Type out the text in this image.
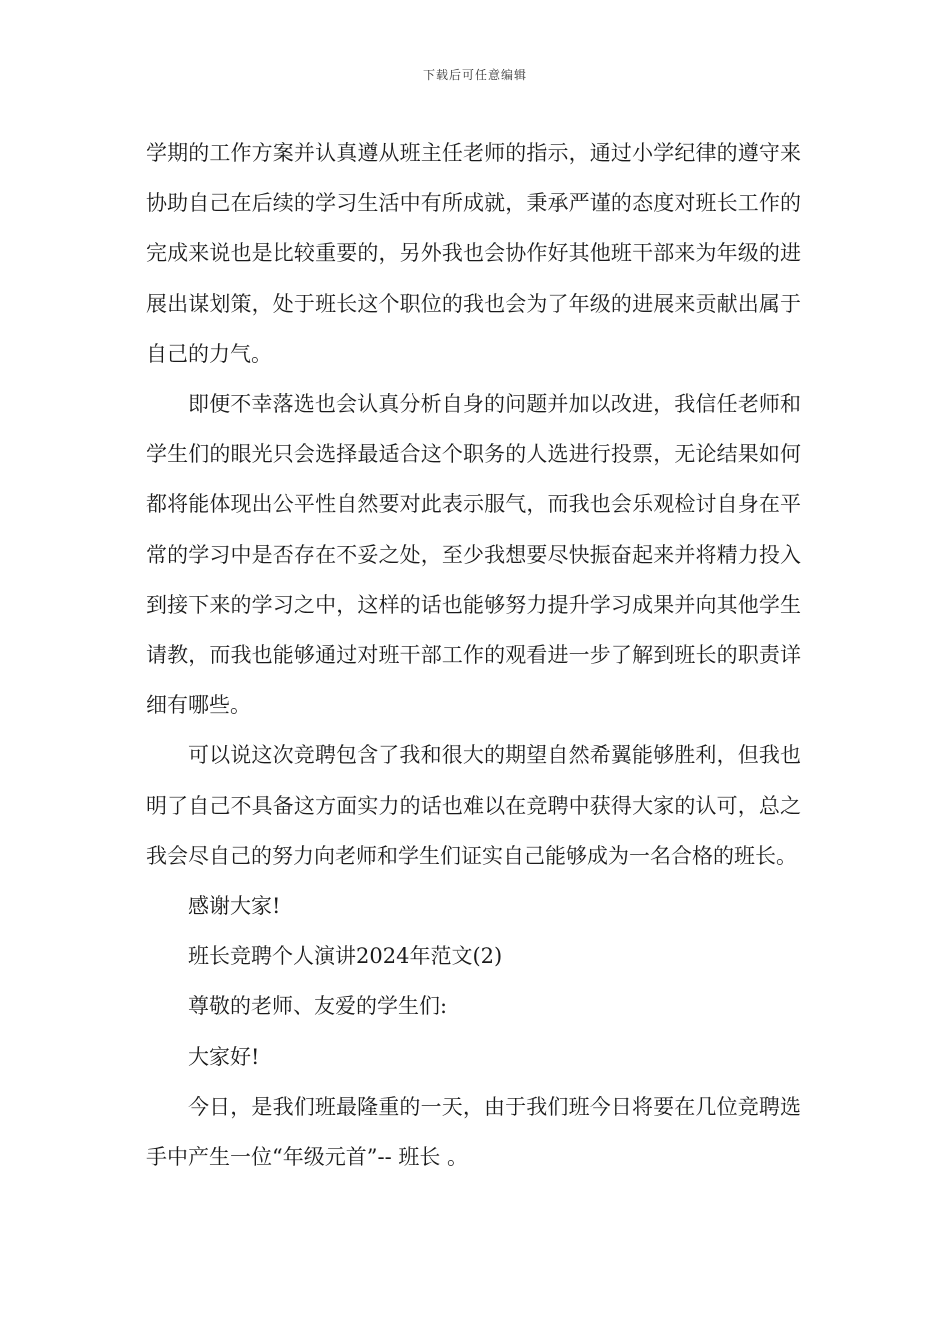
下载后可任意编辑

学期的工作方案并认真遵从班主任老师的指示，通过小学纪律的遵守来协助自己在后续的学习生活中有所成就，秉承严谨的态度对班长工作的完成来说也是比较重要的，另外我也会协作好其他班干部来为年级的进展出谋划策，处于班长这个职位的我也会为了年级的进展来贡献出属于自己的力气。

即便不幸落选也会认真分析自身的问题并加以改进，我信任老师和学生们的眼光只会选择最适合这个职务的人选进行投票，无论结果如何都将能体现出公平性自然要对此表示服气，而我也会乐观检讨自身在平常的学习中是否存在不妥之处，至少我想要尽快振奋起来并将精力投入到接下来的学习之中，这样的话也能够努力提升学习成果并向其他学生请教，而我也能够通过对班干部工作的观看进一步了解到班长的职责详细有哪些。

可以说这次竞聘包含了我和很大的期望自然希翼能够胜利，但我也明了自己不具备这方面实力的话也难以在竞聘中获得大家的认可，总之我会尽自己的努力向老师和学生们证实自己能够成为一名合格的班长。

感谢大家!

班长竞聘个人演讲2024年范文(2)

尊敬的老师、友爱的学生们:

大家好!

今日，是我们班最隆重的一天，由于我们班今日将要在几位竞聘选手中产生一位“年级元首”-- 班长 。
